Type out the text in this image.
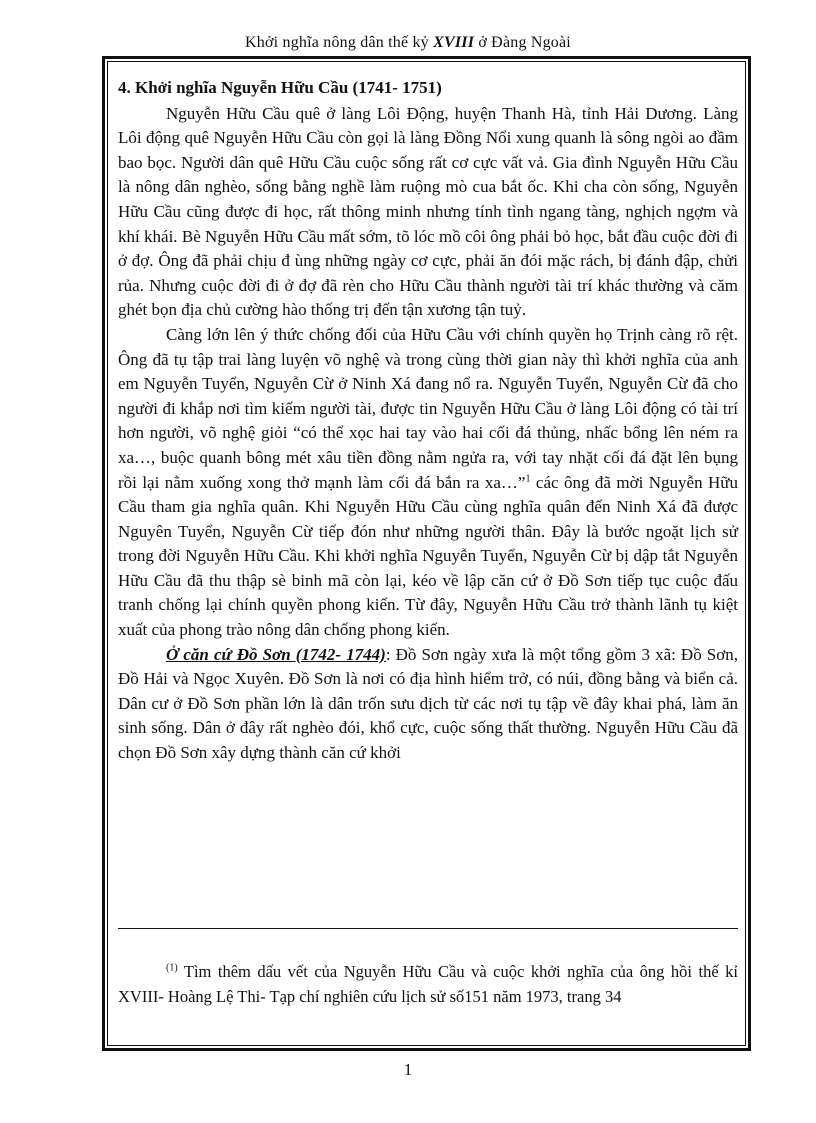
Khởi nghĩa nông dân thế kỷ XVIII ở Đàng Ngoài

4. Khởi nghĩa Nguyễn Hữu Cầu (1741- 1751)

Nguyễn Hữu Cầu quê ở làng Lôi Động, huyện Thanh Hà, tỉnh Hải Dương. Làng Lôi động quê Nguyễn Hữu Cầu còn gọi là làng Đồng Nổi xung quanh là sông ngòi ao đầm bao bọc. Người dân quê Hữu Cầu cuộc sống rất cơ cực vất vả. Gia đình Nguyễn Hữu Cầu là nông dân nghèo, sống bằng nghề làm ruộng mò cua bắt ốc. Khi cha còn sống, Nguyễn Hữu Cầu cũng được đi học, rất thông minh nhưng tính tình ngang tàng, nghịch ngợm và khí khái. Bè Nguyễn Hữu Cầu mất sớm, tõ lóc mồ côi ông phải bỏ học, bắt đầu cuộc đời đi ở đợ. Ông đã phải chịu đ ùng những ngày cơ cực, phải ăn đói mặc rách, bị đánh đập, chửi rủa. Nhưng cuộc đời đi ở đợ đã rèn cho Hữu Cầu thành người tài trí khác thường và căm ghét bọn địa chủ cường hào thống trị đến tận xương tận tuỷ.

Càng lớn lên ý thức chống đối của Hữu Cầu với chính quyền họ Trịnh càng rõ rệt. Ông đã tụ tập trai làng luyện võ nghệ và trong cùng thời gian này thì khởi nghĩa của anh em Nguyễn Tuyển, Nguyễn Cừ ở Ninh Xá đang nổ ra. Nguyễn Tuyển, Nguyễn Cừ đã cho người đi khắp nơi tìm kiếm người tài, được tin Nguyễn Hữu Cầu ở làng Lôi động có tài trí hơn người, võ nghệ giỏi “có thể xọc hai tay vào hai cối đá thủng, nhấc bổng lên ném ra xa…, buộc quanh bông mét xâu tiền đồng nằm ngửa ra, với tay nhặt cối đá đặt lên bụng rồi lại nằm xuống xong thở mạnh làm cối đá bắn ra xa…”$^1$ các ông đã mời Nguyễn Hữu Cầu tham gia nghĩa quân. Khi Nguyễn Hữu Cầu cùng nghĩa quân đến Ninh Xá đã được Nguyên Tuyển, Nguyễn Cừ tiếp đón như những người thân. Đây là bước ngoặt lịch sử trong đời Nguyễn Hữu Cầu. Khi khởi nghĩa Nguyễn Tuyển, Nguyễn Cừ bị dập tắt Nguyễn Hữu Cầu đã thu thập sè binh mã còn lại, kéo về lập căn cứ ở Đồ Sơn tiếp tục cuộc đấu tranh chống lại chính quyền phong kiến. Từ đây, Nguyễn Hữu Cầu trở thành lãnh tụ kiệt xuất của phong trào nông dân chống phong kiến.

Ở căn cứ Đồ Sơn (1742- 1744): Đồ Sơn ngày xưa là một tổng gồm 3 xã: Đồ Sơn, Đồ Hải và Ngọc Xuyên. Đồ Sơn là nơi có địa hình hiểm trở, có núi, đồng bằng và biển cả. Dân cư ở Đồ Sơn phần lớn là dân trốn sưu dịch từ các nơi tụ tập về đây khai phá, làm ăn sinh sống. Dân ở đây rất nghèo đói, khổ cực, cuộc sống thất thường. Nguyễn Hữu Cầu đã chọn Đồ Sơn xây dựng thành căn cứ khởi

$^{(1)}$ Tìm thêm dấu vết của Nguyễn Hữu Cầu và cuộc khởi nghĩa của ông hồi thế kỉ XVIII- Hoàng Lệ Thi- Tạp chí nghiên cứu lịch sử số151 năm 1973, trang 34

1
